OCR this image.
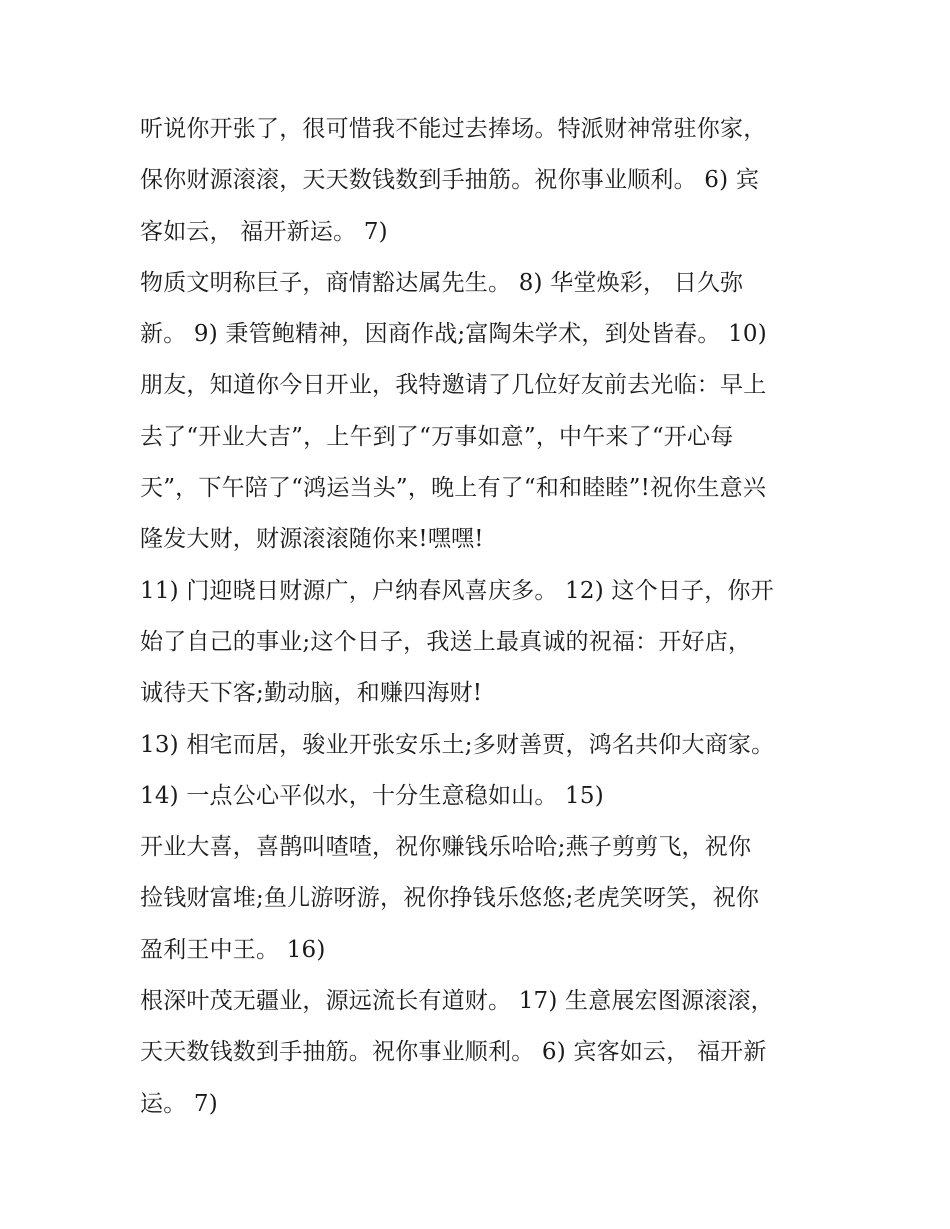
听说你开张了，很可惜我不能过去捧场。特派财神常驻你家，
保你财源滚滚，天天数钱数到手抽筋。祝你事业顺利。 6) 宾
客如云， 福开新运。 7)
物质文明称巨子，商情豁达属先生。 8) 华堂焕彩， 日久弥
新。 9) 秉管鲍精神，因商作战;富陶朱学术，到处皆春。 10)
朋友，知道你今日开业，我特邀请了几位好友前去光临：早上
去了“开业大吉”，上午到了“万事如意”，中午来了“开心每
天”，下午陪了“鸿运当头”，晚上有了“和和睦睦”!祝你生意兴
隆发大财，财源滚滚随你来!嘿嘿!
11) 门迎晓日财源广，户纳春风喜庆多。 12) 这个日子，你开
始了自己的事业;这个日子，我送上最真诚的祝福：开好店，
诚待天下客;勤动脑，和赚四海财!
13) 相宅而居，骏业开张安乐土;多财善贾，鸿名共仰大商家。
14) 一点公心平似水，十分生意稳如山。 15)
开业大喜，喜鹊叫喳喳，祝你赚钱乐哈哈;燕子剪剪飞，祝你
捡钱财富堆;鱼儿游呀游，祝你挣钱乐悠悠;老虎笑呀笑，祝你
盈利王中王。 16)
根深叶茂无疆业，源远流长有道财。 17) 生意展宏图源滚滚，
天天数钱数到手抽筋。祝你事业顺利。 6) 宾客如云， 福开新
运。 7)
